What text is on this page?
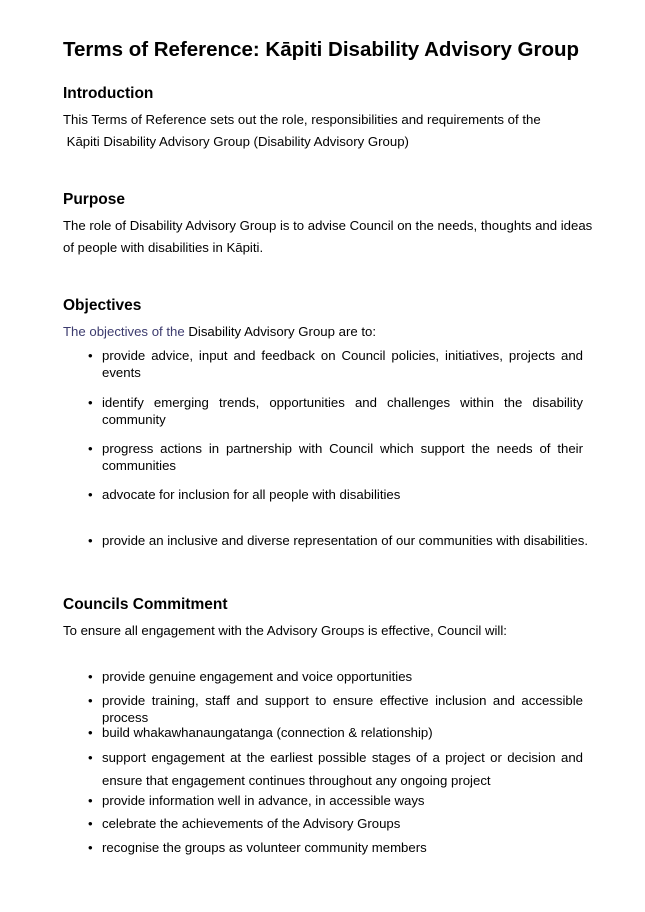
Terms of Reference: Kāpiti Disability Advisory Group
Introduction
This Terms of Reference sets out the role, responsibilities and requirements of the
Kāpiti Disability Advisory Group (Disability Advisory Group)
Purpose
The role of Disability Advisory Group is to advise Council on the needs, thoughts and ideas
of people with disabilities in Kāpiti.
Objectives
The objectives of the Disability Advisory Group are to:
• provide advice, input and feedback on Council policies, initiatives, projects and events
• identify emerging trends, opportunities and challenges within the disability community
• progress actions in partnership with Council which support the needs of their communities
• advocate for inclusion for all people with disabilities
• provide an inclusive and diverse representation of our communities with disabilities.
Councils Commitment
To ensure all engagement with the Advisory Groups is effective, Council will:
• provide genuine engagement and voice opportunities
• provide training, staff and support to ensure effective inclusion and accessible process
• build whakawhanaungatanga (connection & relationship)
• support engagement at the earliest possible stages of a project or decision and ensure that engagement continues throughout any ongoing project
• provide information well in advance, in accessible ways
• celebrate the achievements of the Advisory Groups
• recognise the groups as volunteer community members
